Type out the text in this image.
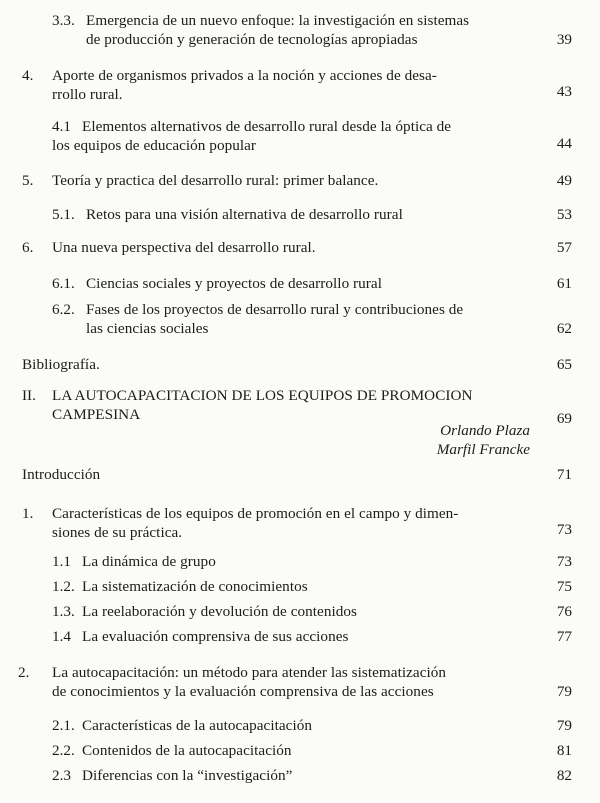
3.3. Emergencia de un nuevo enfoque: la investigación en sistemas
de producción y generación de tecnologías apropiadas	39
4. Aporte de organismos privados a la noción y acciones de desa-
rrollo rural.	43
4.1 Elementos alternativos de desarrollo rural desde la óptica de
los equipos de educación popular	44
5. Teoría y practica del desarrollo rural: primer balance.	49
5.1. Retos para una visión alternativa de desarrollo rural	53
6. Una nueva perspectiva del desarrollo rural.	57
6.1. Ciencias sociales y proyectos de desarrollo rural	61
6.2. Fases de los proyectos de desarrollo rural y contribuciones de
las ciencias sociales	62
Bibliografía.	65
II. LA AUTOCAPACITACION DE LOS EQUIPOS DE PROMOCION
CAMPESINA	69
Orlando Plaza
Marfil Francke
Introducción	71
1. Características de los equipos de promoción en el campo y dimen-
siones de su práctica.	73
1.1 La dinámica de grupo	73
1.2. La sistematización de conocimientos	75
1.3. La reelaboración y devolución de contenidos	76
1.4 La evaluación comprensiva de sus acciones	77
2. La autocapacitación: un método para atender las sistematización
de conocimientos y la evaluación comprensiva de las acciones	79
2.1. Características de la autocapacitación	79
2.2. Contenidos de la autocapacitación	81
2.3 Diferencias con la “investigación”	82
